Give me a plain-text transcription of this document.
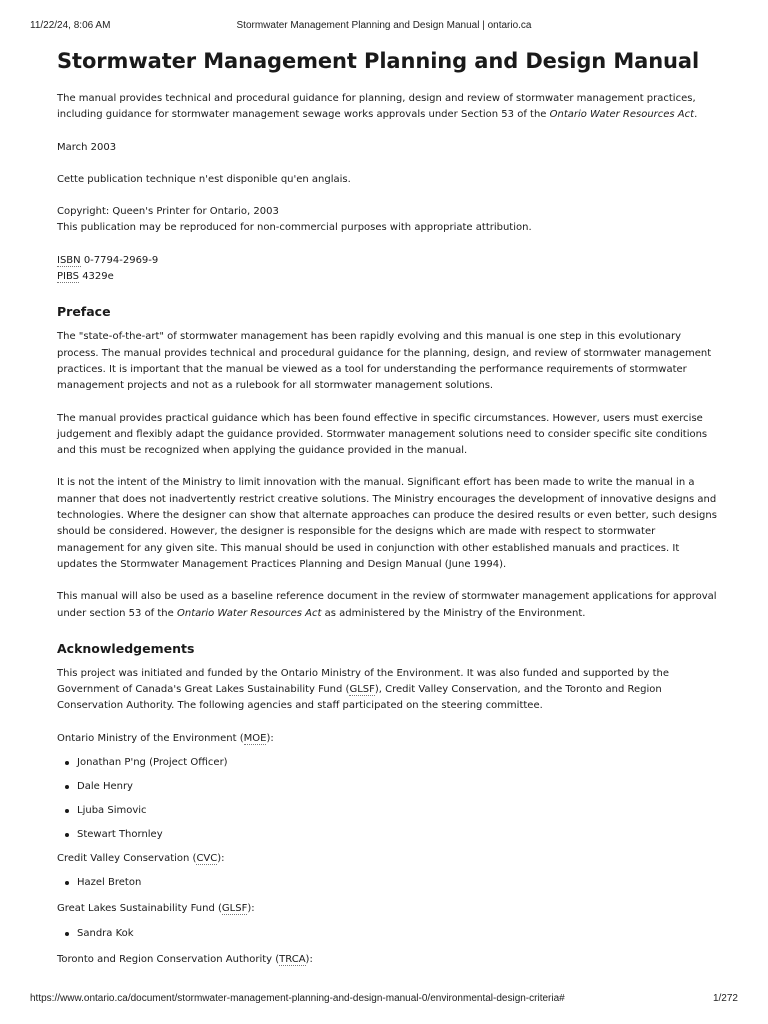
11/22/24, 8:06 AM	Stormwater Management Planning and Design Manual | ontario.ca
Stormwater Management Planning and Design Manual

The manual provides technical and procedural guidance for planning, design and review of stormwater management practices, including guidance for stormwater management sewage works approvals under Section 53 of the Ontario Water Resources Act.

March 2003

Cette publication technique n'est disponible qu'en anglais.

Copyright: Queen's Printer for Ontario, 2003

This publication may be reproduced for non-commercial purposes with appropriate attribution.

ISBN 0-7794-2969-9

PIBS 4329e

Preface

The "state-of-the-art" of stormwater management has been rapidly evolving and this manual is one step in this evolutionary process. The manual provides technical and procedural guidance for the planning, design, and review of stormwater management practices. It is important that the manual be viewed as a tool for understanding the performance requirements of stormwater management projects and not as a rulebook for all stormwater management solutions.

The manual provides practical guidance which has been found effective in specific circumstances. However, users must exercise judgement and flexibly adapt the guidance provided. Stormwater management solutions need to consider specific site conditions and this must be recognized when applying the guidance provided in the manual.

It is not the intent of the Ministry to limit innovation with the manual. Significant effort has been made to write the manual in a manner that does not inadvertently restrict creative solutions. The Ministry encourages the development of innovative designs and technologies. Where the designer can show that alternate approaches can produce the desired results or even better, such designs should be considered. However, the designer is responsible for the designs which are made with respect to stormwater management for any given site. This manual should be used in conjunction with other established manuals and practices. It updates the Stormwater Management Practices Planning and Design Manual (June 1994).

This manual will also be used as a baseline reference document in the review of stormwater management applications for approval under section 53 of the Ontario Water Resources Act as administered by the Ministry of the Environment.

Acknowledgements

This project was initiated and funded by the Ontario Ministry of the Environment. It was also funded and supported by the Government of Canada's Great Lakes Sustainability Fund (GLSF), Credit Valley Conservation, and the Toronto and Region Conservation Authority. The following agencies and staff participated on the steering committee.

Ontario Ministry of the Environment (MOE):

Jonathan P'ng (Project Officer)
Dale Henry
Ljuba Simovic
Stewart Thornley

Credit Valley Conservation (CVC):

Hazel Breton

Great Lakes Sustainability Fund (GLSF):

Sandra Kok

Toronto and Region Conservation Authority (TRCA):

https://www.ontario.ca/document/stormwater-management-planning-and-design-manual-0/environmental-design-criteria#	1/272
